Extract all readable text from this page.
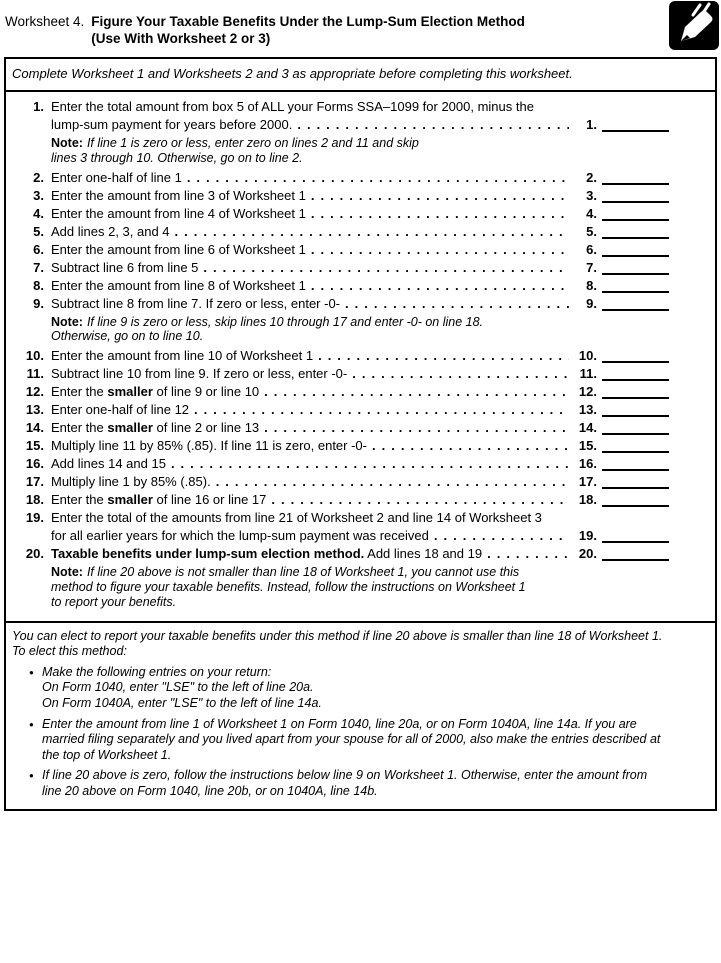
Worksheet 4. Figure Your Taxable Benefits Under the Lump-Sum Election Method
(Use With Worksheet 2 or 3)
Complete Worksheet 1 and Worksheets 2 and 3 as appropriate before completing this worksheet.
1. Enter the total amount from box 5 of ALL your Forms SSA–1099 for 2000, minus the
lump-sum payment for years before 2000. .....	1.
Note: If line 1 is zero or less, enter zero on lines 2 and 11 and skip
lines 3 through 10. Otherwise, go on to line 2.
2. Enter one-half of line 1 .....	2.
3. Enter the amount from line 3 of Worksheet 1 .....	3.
4. Enter the amount from line 4 of Worksheet 1 .....	4.
5. Add lines 2, 3, and 4 .....	5.
6. Enter the amount from line 6 of Worksheet 1 .....	6.
7. Subtract line 6 from line 5 .....	7.
8. Enter the amount from line 8 of Worksheet 1 .....	8.
9. Subtract line 8 from line 7. If zero or less, enter -0- .....	9.
Note: If line 9 is zero or less, skip lines 10 through 17 and enter -0- on line 18.
Otherwise, go on to line 10.
10. Enter the amount from line 10 of Worksheet 1 .....	10.
11. Subtract line 10 from line 9. If zero or less, enter -0- .....	11.
12. Enter the smaller of line 9 or line 10 .....	12.
13. Enter one-half of line 12 .....	13.
14. Enter the smaller of line 2 or line 13 .....	14.
15. Multiply line 11 by 85% (.85). If line 11 is zero, enter -0- .....	15.
16. Add lines 14 and 15 .....	16.
17. Multiply line 1 by 85% (.85). .....	17.
18. Enter the smaller of line 16 or line 17 .....	18.
19. Enter the total of the amounts from line 21 of Worksheet 2 and line 14 of Worksheet 3
for all earlier years for which the lump-sum payment was received .....	19.
20. Taxable benefits under lump-sum election method. Add lines 18 and 19 .....	20.
Note: If line 20 above is not smaller than line 18 of Worksheet 1, you cannot use this
method to figure your taxable benefits. Instead, follow the instructions on Worksheet 1
to report your benefits.
You can elect to report your taxable benefits under this method if line 20 above is smaller than line 18 of Worksheet 1.
To elect this method:
● Make the following entries on your return:
On Form 1040, enter "LSE" to the left of line 20a.
On Form 1040A, enter "LSE" to the left of line 14a.
● Enter the amount from line 1 of Worksheet 1 on Form 1040, line 20a, or on Form 1040A, line 14a. If you are
married filing separately and you lived apart from your spouse for all of 2000, also make the entries described at
the top of Worksheet 1.
● If line 20 above is zero, follow the instructions below line 9 on Worksheet 1. Otherwise, enter the amount from
line 20 above on Form 1040, line 20b, or on 1040A, line 14b.
